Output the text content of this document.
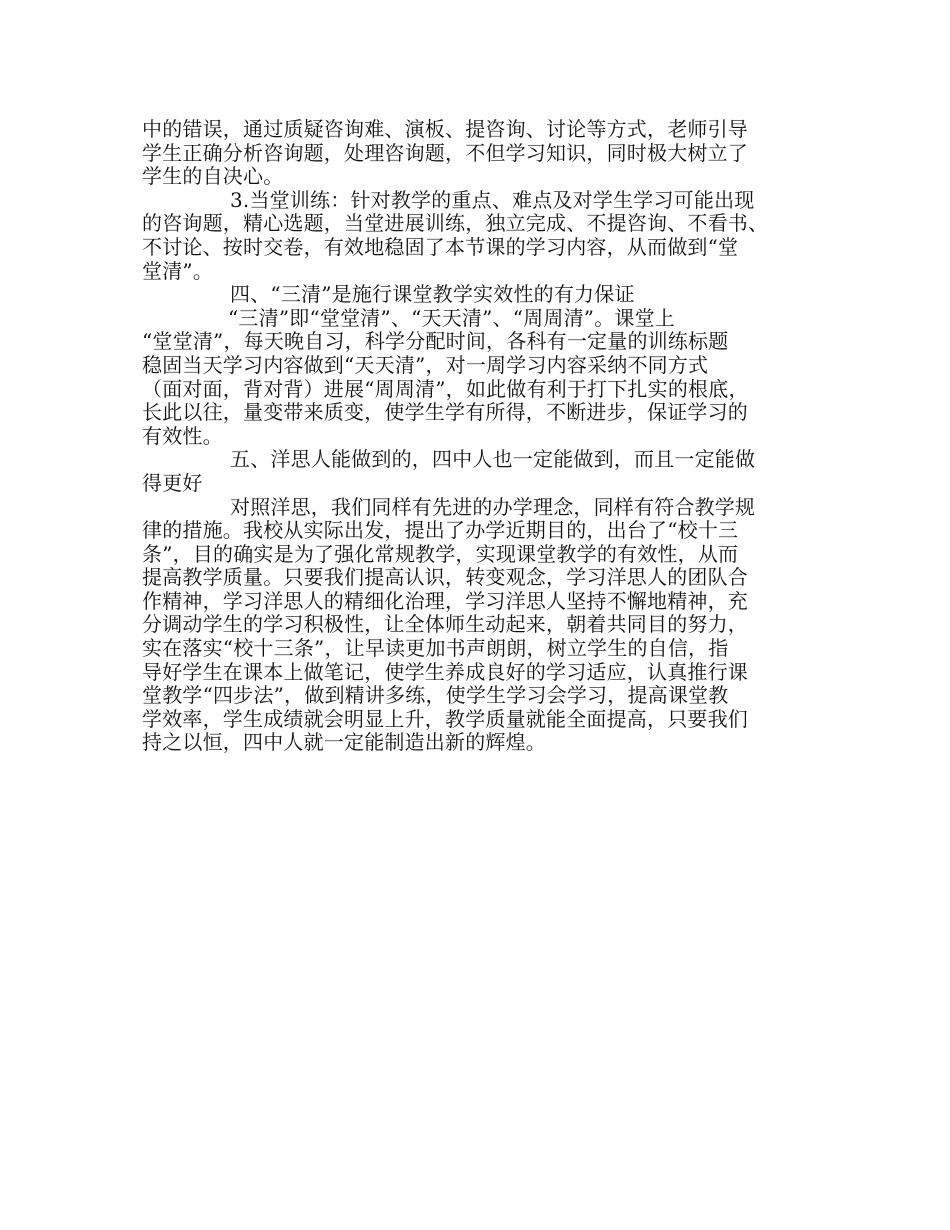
中的错误，通过质疑咨询难、演板、提咨询、讨论等方式，老师引导
学生正确分析咨询题，处理咨询题，不但学习知识，同时极大树立了
学生的自决心。
3.当堂训练：针对教学的重点、难点及对学生学习可能出现
的咨询题，精心选题，当堂进展训练，独立完成、不提咨询、不看书、
不讨论、按时交卷，有效地稳固了本节课的学习内容，从而做到“堂
堂清”。
四、“三清”是施行课堂教学实效性的有力保证
“三清”即“堂堂清”、“天天清”、“周周清”。课堂上
“堂堂清”，每天晚自习，科学分配时间，各科有一定量的训练标题
稳固当天学习内容做到“天天清”，对一周学习内容采纳不同方式
（面对面，背对背）进展“周周清”，如此做有利于打下扎实的根底，
长此以往，量变带来质变，使学生学有所得，不断进步，保证学习的
有效性。
五、洋思人能做到的，四中人也一定能做到，而且一定能做
得更好
对照洋思，我们同样有先进的办学理念，同样有符合教学规
律的措施。我校从实际出发，提出了办学近期目的，出台了“校十三
条”，目的确实是为了强化常规教学，实现课堂教学的有效性，从而
提高教学质量。只要我们提高认识，转变观念，学习洋思人的团队合
作精神，学习洋思人的精细化治理，学习洋思人坚持不懈地精神，充
分调动学生的学习积极性，让全体师生动起来，朝着共同目的努力，
实在落实“校十三条”，让早读更加书声朗朗，树立学生的自信，指
导好学生在课本上做笔记，使学生养成良好的学习适应，认真推行课
堂教学“四步法”，做到精讲多练，使学生学习会学习，提高课堂教
学效率，学生成绩就会明显上升，教学质量就能全面提高，只要我们
持之以恒，四中人就一定能制造出新的辉煌。
